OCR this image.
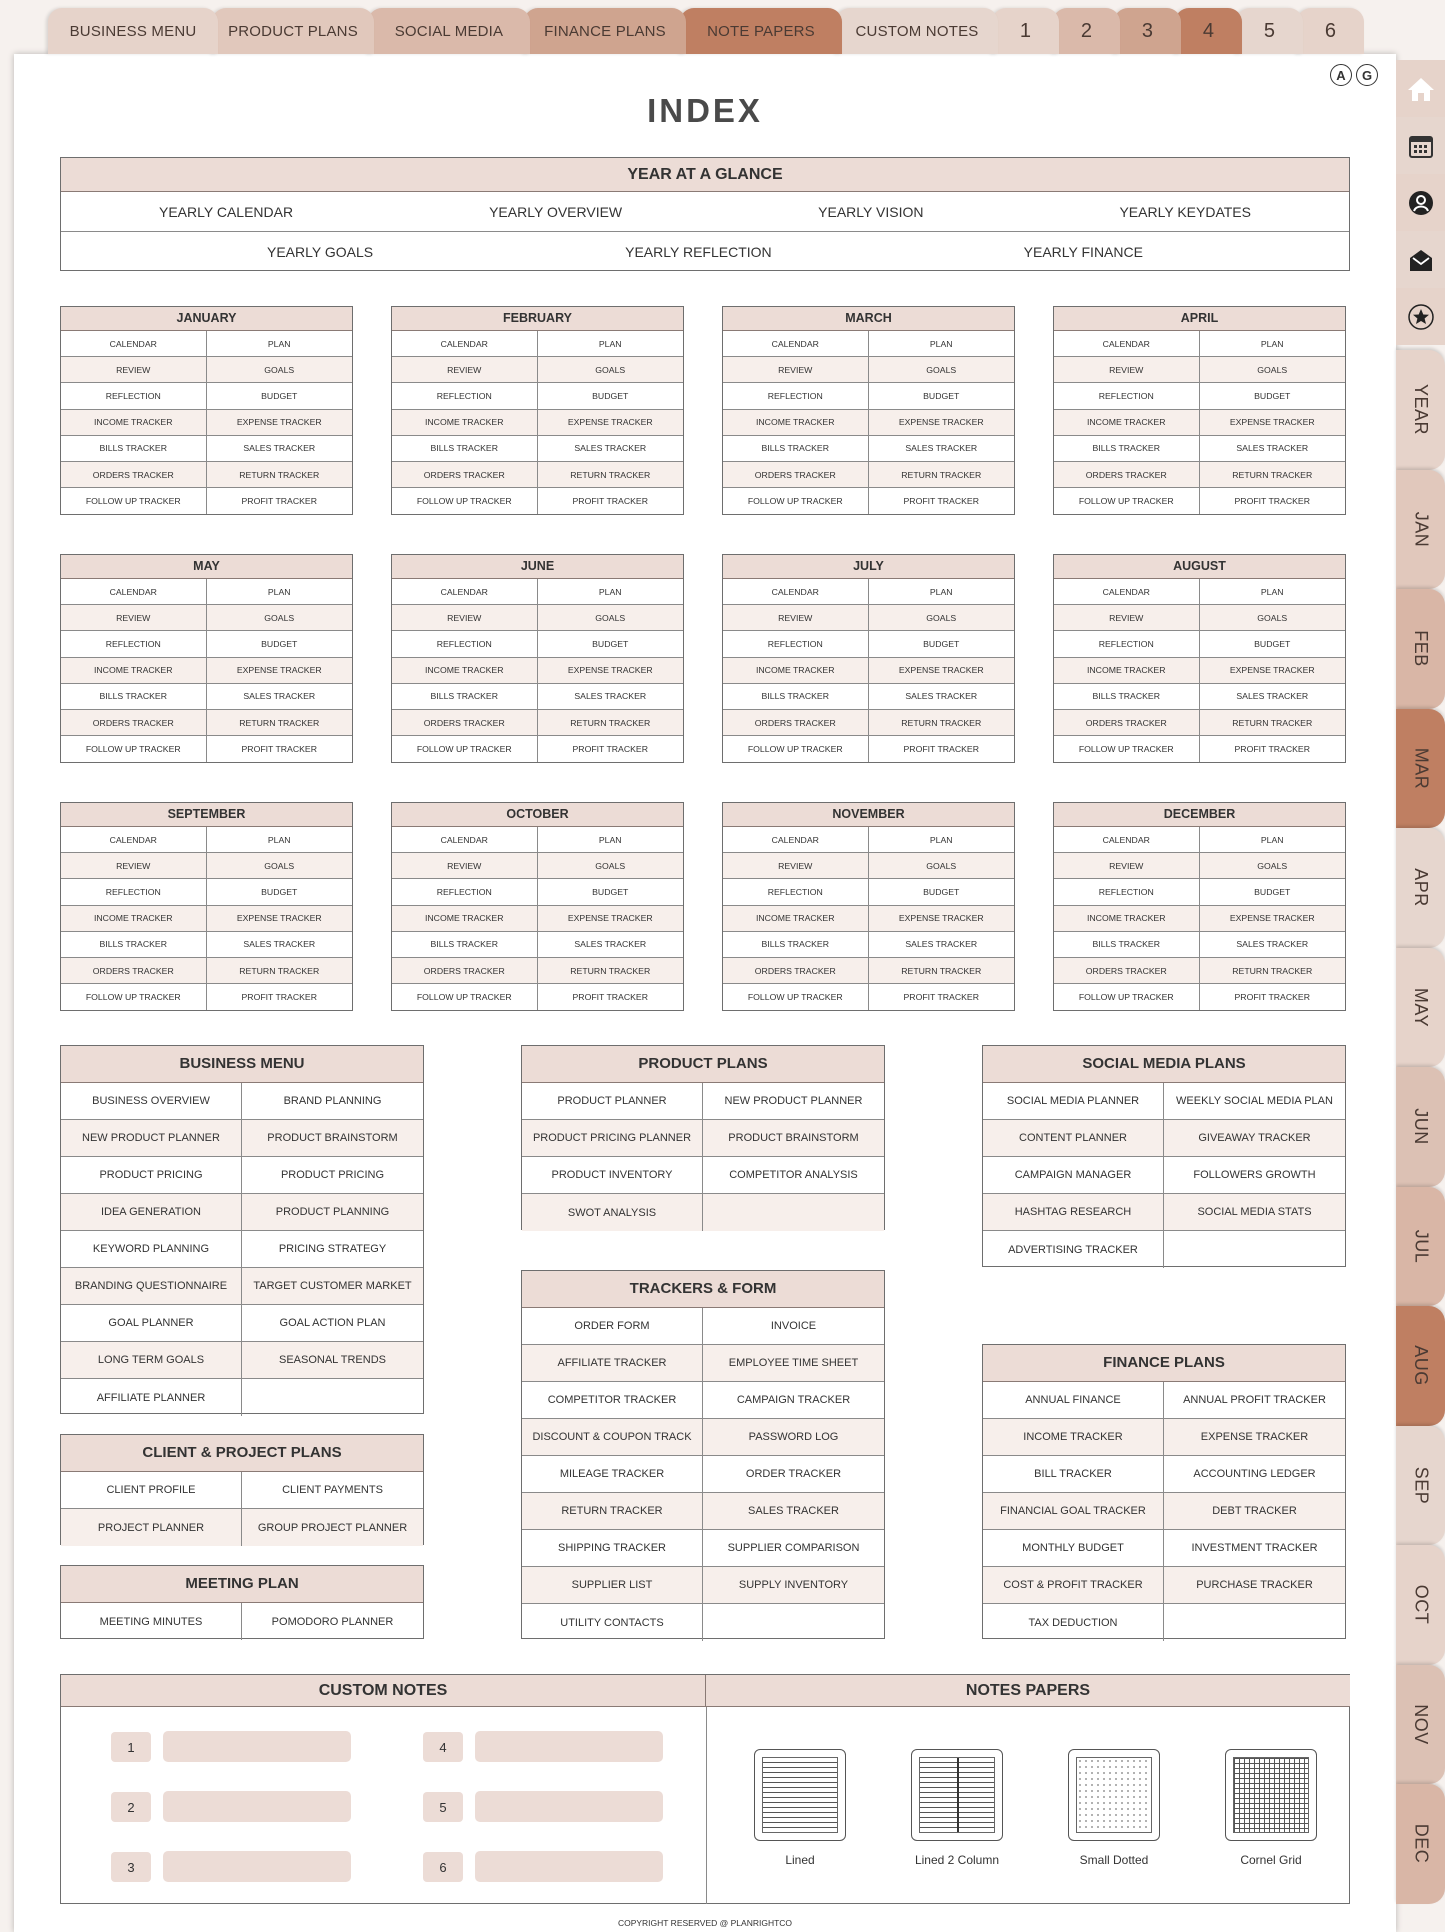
BUSINESS MENU	PRODUCT PLANS	SOCIAL MEDIA	FINANCE PLANS	NOTE PAPERS	CUSTOM NOTES	1	2	3	4	5	6
A	G
INDEX
YEAR AT A GLANCE
YEARLY CALENDAR	YEARLY OVERVIEW	YEARLY VISION	YEARLY KEYDATES
YEARLY GOALS	YEARLY REFLECTION	YEARLY FINANCE
JANUARY
CALENDAR	PLAN
REVIEW	GOALS
REFLECTION	BUDGET
INCOME TRACKER	EXPENSE TRACKER
BILLS TRACKER	SALES TRACKER
ORDERS TRACKER	RETURN TRACKER
FOLLOW UP TRACKER	PROFIT TRACKER
FEBRUARY
CALENDAR	PLAN
REVIEW	GOALS
REFLECTION	BUDGET
INCOME TRACKER	EXPENSE TRACKER
BILLS TRACKER	SALES TRACKER
ORDERS TRACKER	RETURN TRACKER
FOLLOW UP TRACKER	PROFIT TRACKER
MARCH
CALENDAR	PLAN
REVIEW	GOALS
REFLECTION	BUDGET
INCOME TRACKER	EXPENSE TRACKER
BILLS TRACKER	SALES TRACKER
ORDERS TRACKER	RETURN TRACKER
FOLLOW UP TRACKER	PROFIT TRACKER
APRIL
CALENDAR	PLAN
REVIEW	GOALS
REFLECTION	BUDGET
INCOME TRACKER	EXPENSE TRACKER
BILLS TRACKER	SALES TRACKER
ORDERS TRACKER	RETURN TRACKER
FOLLOW UP TRACKER	PROFIT TRACKER
MAY
CALENDAR	PLAN
REVIEW	GOALS
REFLECTION	BUDGET
INCOME TRACKER	EXPENSE TRACKER
BILLS TRACKER	SALES TRACKER
ORDERS TRACKER	RETURN TRACKER
FOLLOW UP TRACKER	PROFIT TRACKER
JUNE
CALENDAR	PLAN
REVIEW	GOALS
REFLECTION	BUDGET
INCOME TRACKER	EXPENSE TRACKER
BILLS TRACKER	SALES TRACKER
ORDERS TRACKER	RETURN TRACKER
FOLLOW UP TRACKER	PROFIT TRACKER
JULY
CALENDAR	PLAN
REVIEW	GOALS
REFLECTION	BUDGET
INCOME TRACKER	EXPENSE TRACKER
BILLS TRACKER	SALES TRACKER
ORDERS TRACKER	RETURN TRACKER
FOLLOW UP TRACKER	PROFIT TRACKER
AUGUST
CALENDAR	PLAN
REVIEW	GOALS
REFLECTION	BUDGET
INCOME TRACKER	EXPENSE TRACKER
BILLS TRACKER	SALES TRACKER
ORDERS TRACKER	RETURN TRACKER
FOLLOW UP TRACKER	PROFIT TRACKER
SEPTEMBER
CALENDAR	PLAN
REVIEW	GOALS
REFLECTION	BUDGET
INCOME TRACKER	EXPENSE TRACKER
BILLS TRACKER	SALES TRACKER
ORDERS TRACKER	RETURN TRACKER
FOLLOW UP TRACKER	PROFIT TRACKER
OCTOBER
CALENDAR	PLAN
REVIEW	GOALS
REFLECTION	BUDGET
INCOME TRACKER	EXPENSE TRACKER
BILLS TRACKER	SALES TRACKER
ORDERS TRACKER	RETURN TRACKER
FOLLOW UP TRACKER	PROFIT TRACKER
NOVEMBER
CALENDAR	PLAN
REVIEW	GOALS
REFLECTION	BUDGET
INCOME TRACKER	EXPENSE TRACKER
BILLS TRACKER	SALES TRACKER
ORDERS TRACKER	RETURN TRACKER
FOLLOW UP TRACKER	PROFIT TRACKER
DECEMBER
CALENDAR	PLAN
REVIEW	GOALS
REFLECTION	BUDGET
INCOME TRACKER	EXPENSE TRACKER
BILLS TRACKER	SALES TRACKER
ORDERS TRACKER	RETURN TRACKER
FOLLOW UP TRACKER	PROFIT TRACKER
BUSINESS MENU
BUSINESS OVERVIEW	BRAND PLANNING
NEW PRODUCT PLANNER	PRODUCT BRAINSTORM
PRODUCT PRICING	PRODUCT PRICING
IDEA GENERATION	PRODUCT PLANNING
KEYWORD PLANNING	PRICING STRATEGY
BRANDING QUESTIONNAIRE	TARGET CUSTOMER MARKET
GOAL PLANNER	GOAL ACTION PLAN
LONG TERM GOALS	SEASONAL TRENDS
AFFILIATE PLANNER
CLIENT & PROJECT PLANS
CLIENT PROFILE	CLIENT PAYMENTS
PROJECT PLANNER	GROUP PROJECT PLANNER
MEETING PLAN
MEETING MINUTES	POMODORO PLANNER
PRODUCT PLANS
PRODUCT PLANNER	NEW PRODUCT PLANNER
PRODUCT PRICING PLANNER	PRODUCT BRAINSTORM
PRODUCT INVENTORY	COMPETITOR ANALYSIS
SWOT ANALYSIS
TRACKERS & FORM
ORDER FORM	INVOICE
AFFILIATE TRACKER	EMPLOYEE TIME SHEET
COMPETITOR TRACKER	CAMPAIGN TRACKER
DISCOUNT & COUPON TRACK	PASSWORD LOG
MILEAGE TRACKER	ORDER TRACKER
RETURN TRACKER	SALES TRACKER
SHIPPING TRACKER	SUPPLIER COMPARISON
SUPPLIER LIST	SUPPLY INVENTORY
UTILITY CONTACTS
SOCIAL MEDIA PLANS
SOCIAL MEDIA PLANNER	WEEKLY SOCIAL MEDIA PLAN
CONTENT PLANNER	GIVEAWAY TRACKER
CAMPAIGN MANAGER	FOLLOWERS GROWTH
HASHTAG RESEARCH	SOCIAL MEDIA STATS
ADVERTISING TRACKER
FINANCE PLANS
ANNUAL FINANCE	ANNUAL PROFIT TRACKER
INCOME TRACKER	EXPENSE TRACKER
BILL TRACKER	ACCOUNTING LEDGER
FINANCIAL GOAL TRACKER	DEBT TRACKER
MONTHLY BUDGET	INVESTMENT TRACKER
COST & PROFIT TRACKER	PURCHASE TRACKER
TAX DEDUCTION
CUSTOM NOTES	NOTES PAPERS
1
2
3
4
5
6	Lined	Lined 2 Column	Small Dotted	Cornel Grid
COPYRIGHT RESERVED @ PLANRIGHTCO
YEAR
JAN
FEB
MAR
APR
MAY
JUN
JUL
AUG
SEP
OCT
NOV
DEC
